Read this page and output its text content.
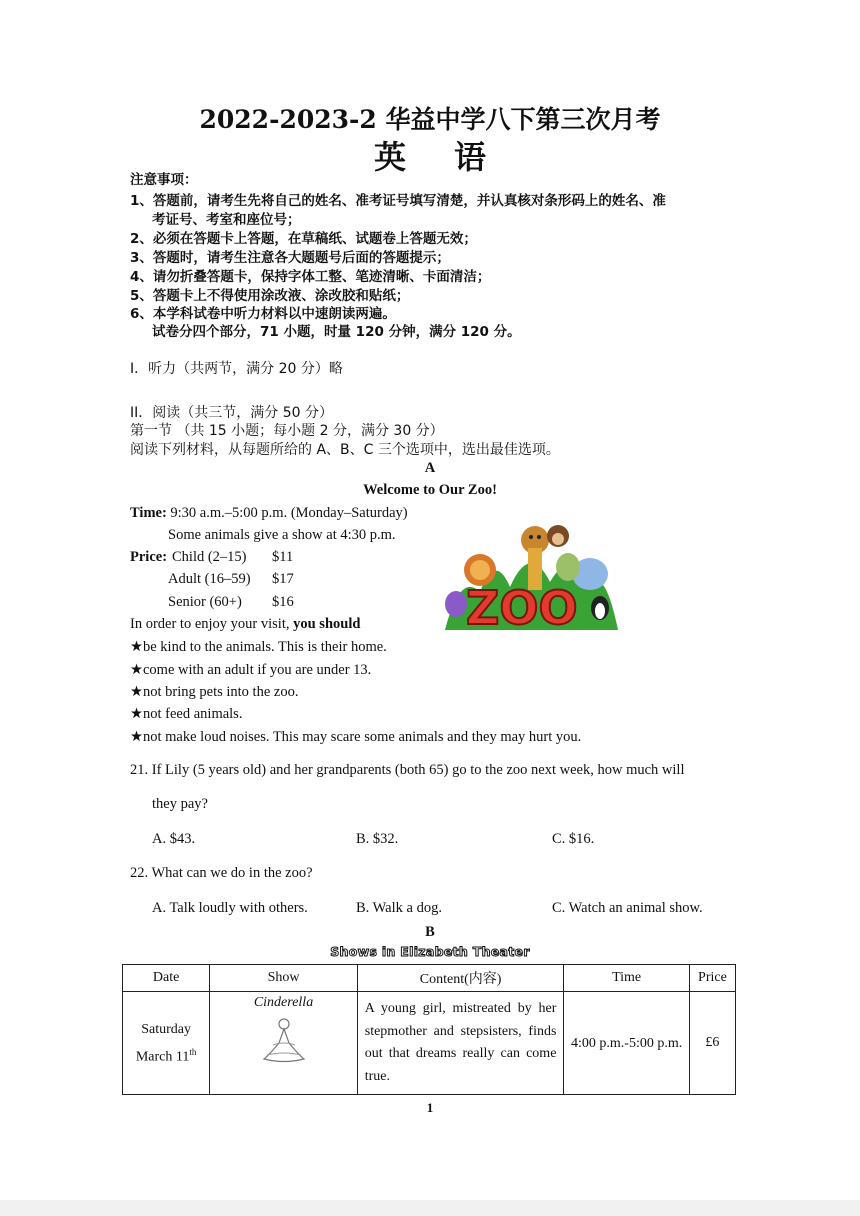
2022-2023-2 华益中学八下第三次月考
英语
注意事项：
1、答题前，请考生先将自己的姓名、准考证号填写清楚，并认真核对条形码上的姓名、准
考证号、考室和座位号；
2、必须在答题卡上答题，在草稿纸、试题卷上答题无效；
3、答题时，请考生注意各大题题号后面的答题提示；
4、请勿折叠答题卡，保持字体工整、笔迹清晰、卡面清洁；
5、答题卡上不得使用涂改液、涂改胶和贴纸；
6、本学科试卷中听力材料以中速朗读两遍。
试卷分四个部分，71 小题，时量 120 分钟，满分 120 分。
I．听力（共两节，满分 20 分）略
II．阅读（共三节，满分 50 分）
第一节 （共 15 小题；每小题 2 分，满分 30 分）
阅读下列材料，从每题所给的 A、B、C 三个选项中，选出最佳选项。
A
Welcome to Our Zoo!
Time: 9:30 a.m.–5:00 p.m. (Monday–Saturday)
Some animals give a show at 4:30 p.m.
Price: Child (2–15) $11
Adult (16–59) $17
Senior (60+) $16
In order to enjoy your visit, you should
★be kind to the animals. This is their home.
★come with an adult if you are under 13.
★not bring pets into the zoo.
★not feed animals.
★not make loud noises. This may scare some animals and they may hurt you.
ZOO
21. If Lily (5 years old) and her grandparents (both 65) go to the zoo next week, how much will
they pay?
A. $43.	B. $32.	C. $16.
22. What can we do in the zoo?
A. Talk loudly with others.	B. Walk a dog.	C. Watch an animal show.
B
Shows in Elizabeth Theater
Date	Show	Content(内容)	Time	Price

Saturday
March 11th	Cinderella	A young girl, mistreated by her stepmother and stepsisters, finds out that dreams really can come true.	4:00 p.m.-5:00 p.m.	£6
1
